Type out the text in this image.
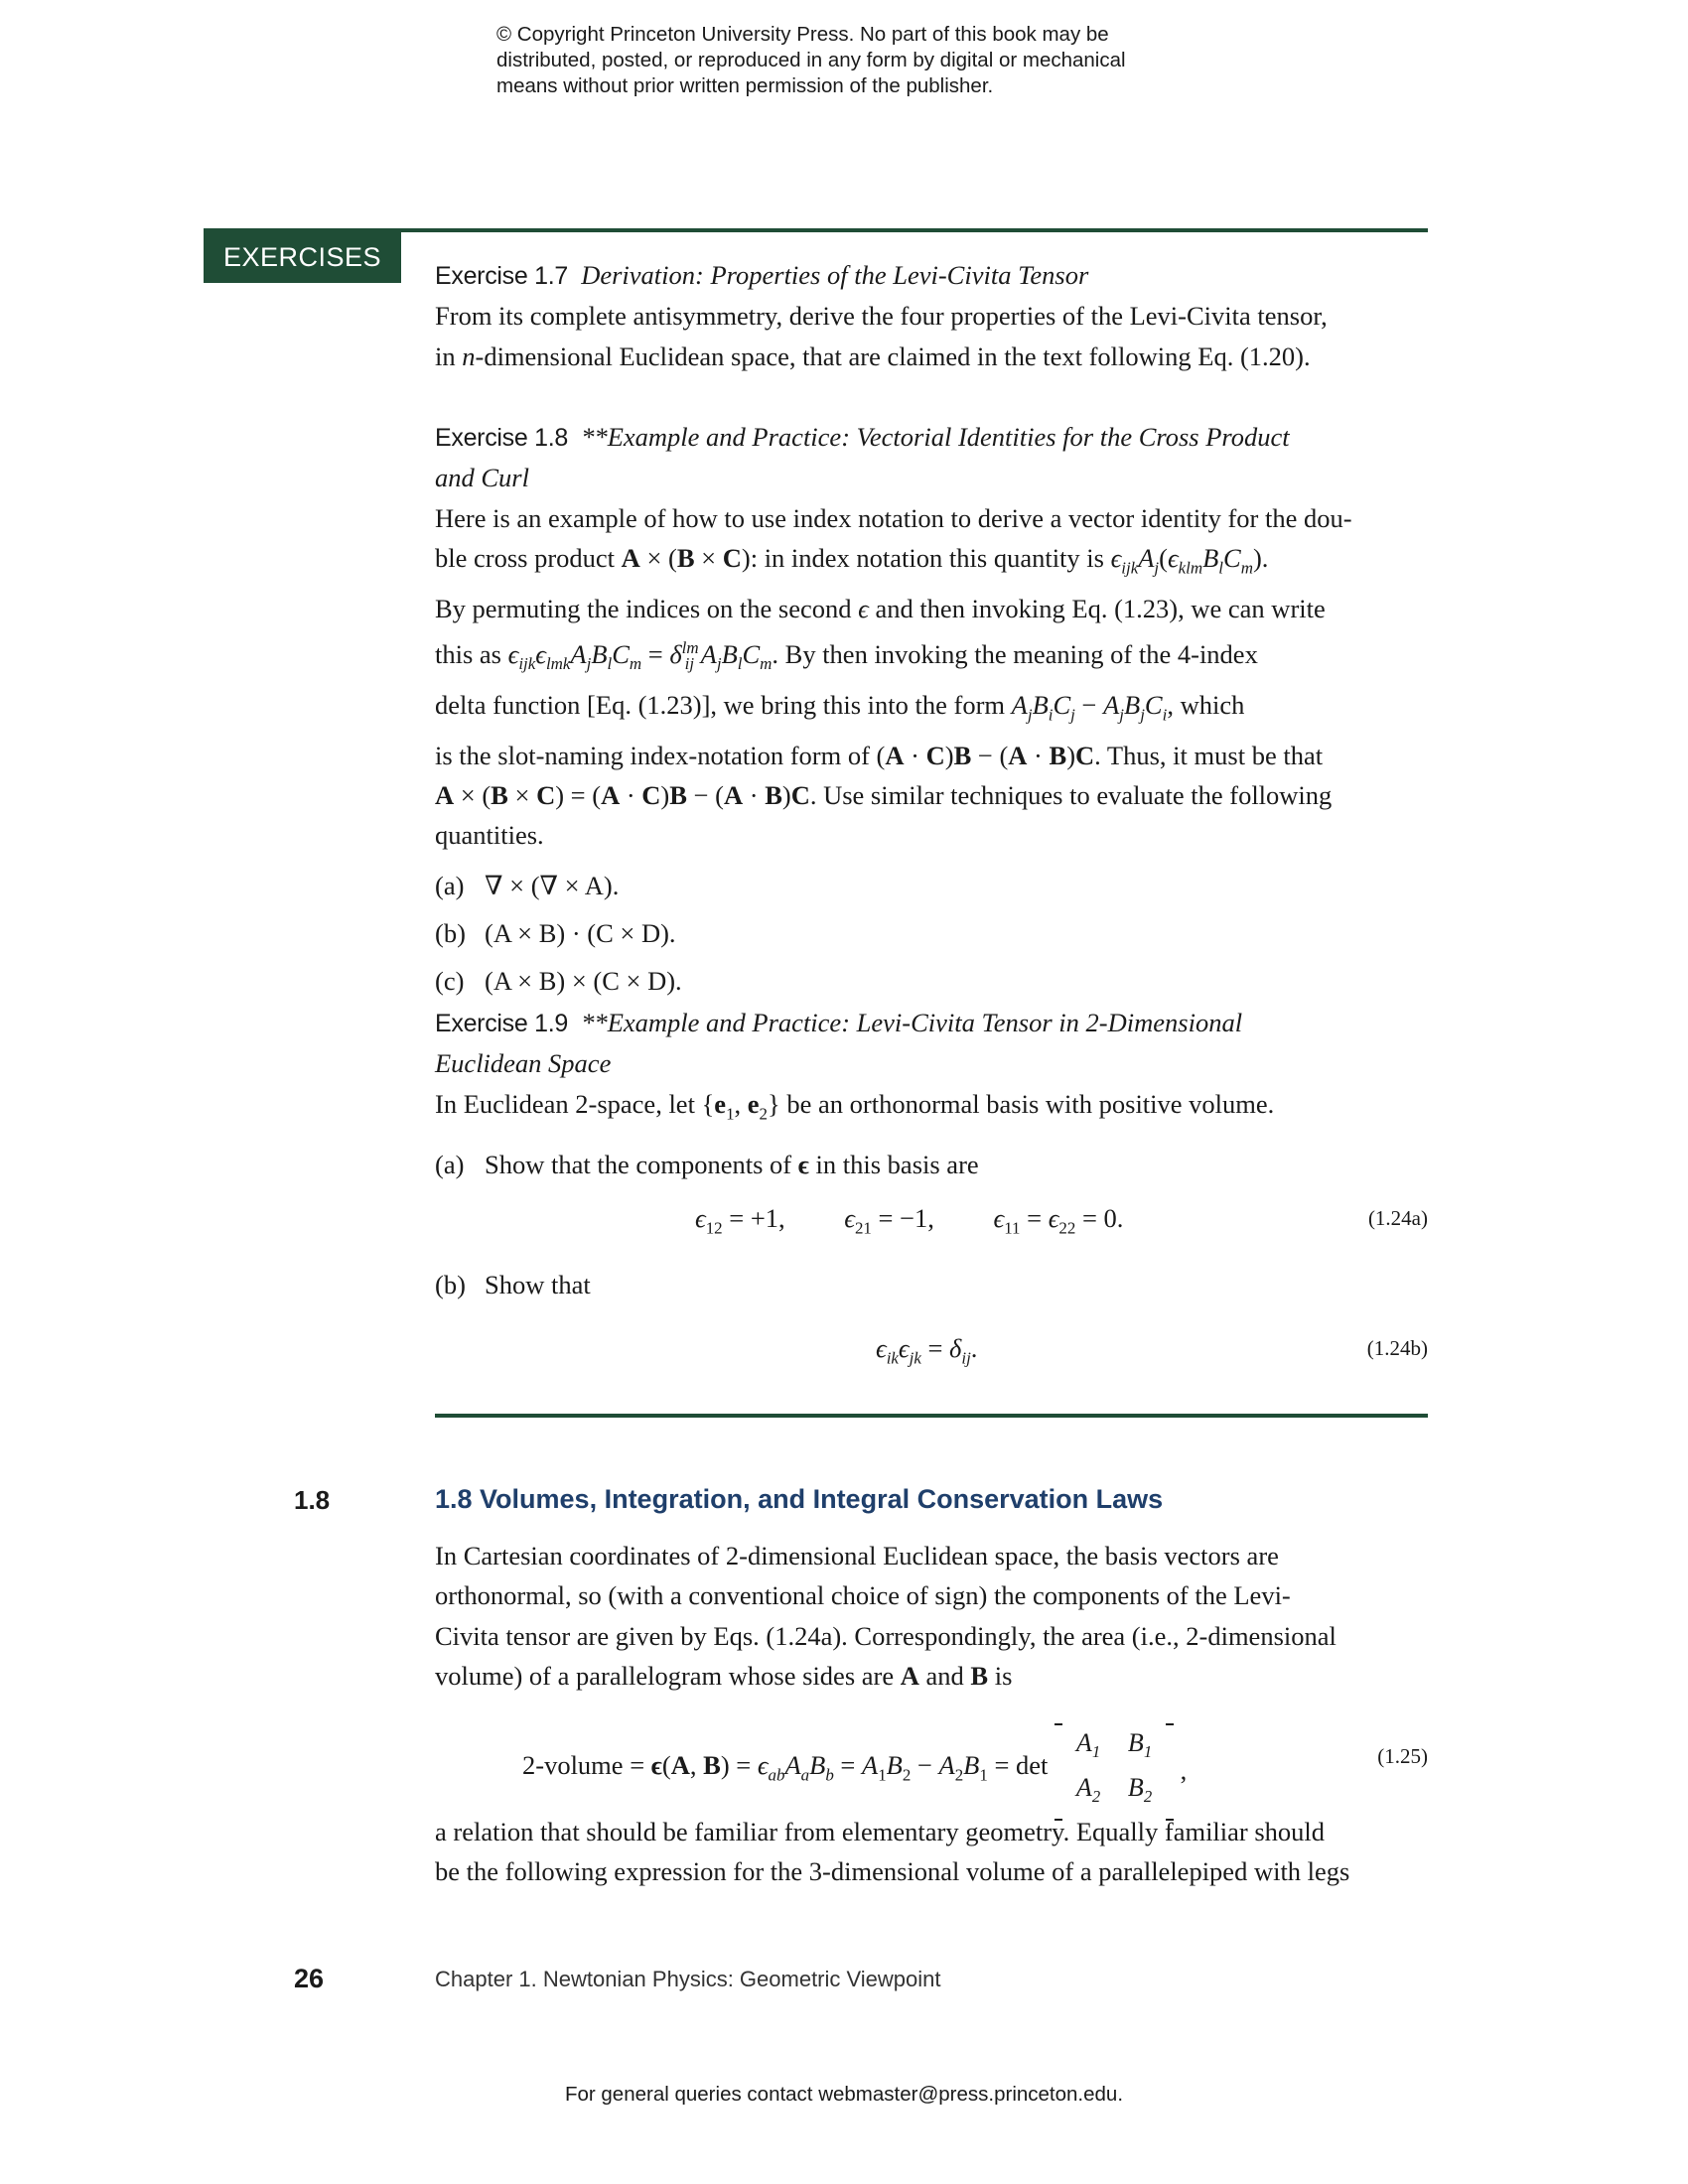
© Copyright Princeton University Press. No part of this book may be
distributed, posted, or reproduced in any form by digital or mechanical
means without prior written permission of the publisher.
EXERCISES
Exercise 1.7 Derivation: Properties of the Levi-Civita Tensor

From its complete antisymmetry, derive the four properties of the Levi-Civita tensor,

in n-dimensional Euclidean space, that are claimed in the text following Eq. (1.20).

Exercise 1.8 **Example and Practice: Vectorial Identities for the Cross Product
and Curl

Here is an example of how to use index notation to derive a vector identity for the dou-

ble cross product A × (B × C): in index notation this quantity is $\epsilon_{ijk}A_j(\epsilon_{klm}B_lC_m)$.

By permuting the indices on the second ϵ and then invoking Eq. (1.23), we can write

this as $\epsilon_{ijk}\epsilon_{lmk}A_jB_lC_m = \delta^{lm}_{ij}$ $A_jB_lC_m$. By then invoking the meaning of the 4-index

delta function [Eq. (1.23)], we bring this into the form $A_jB_iC_j - A_jB_jC_i$, which

is the slot-naming index-notation form of (A · C)B − (A · B)C. Thus, it must be that

A × (B × C) = (A · C)B − (A · B)C. Use similar techniques to evaluate the following

quantities.

(a) ∇ × (∇ × A).
(b) (A × B) · (C × D).
(c) (A × B) × (C × D).
Exercise 1.9 **Example and Practice: Levi-Civita Tensor in 2-Dimensional
Euclidean Space

In Euclidean 2-space, let {$e_1$, $e_2$} be an orthonormal basis with positive volume.

(a) Show that the components of ϵ in this basis are
$\epsilon_{12} = +1$,         $\epsilon_{21} = -1$,         $\epsilon_{11} = \epsilon_{22} = 0$.	(1.24a)
(b) Show that
$\epsilon_{ik}\epsilon_{jk} = \delta_{ij}$.	(1.24b)
1.8	1.8 Volumes, Integration, and Integral Conservation Laws

In Cartesian coordinates of 2-dimensional Euclidean space, the basis vectors are

orthonormal, so (with a conventional choice of sign) the components of the Levi-

Civita tensor are given by Eqs. (1.24a). Correspondingly, the area (i.e., 2-dimensional

volume) of a parallelogram whose sides are A and B is

2-volume = ϵ(A, $B) = \epsilon_{ab}A_aB_b = A_1B_2 - A_2B_1 = \det$
$A_1$	$B_1$
$A_2$	$B_2$
,	(1.25)

a relation that should be familiar from elementary geometry. Equally familiar should

be the following expression for the 3-dimensional volume of a parallelepiped with legs

26	Chapter 1. Newtonian Physics: Geometric Viewpoint
For general queries contact webmaster@press.princeton.edu.
